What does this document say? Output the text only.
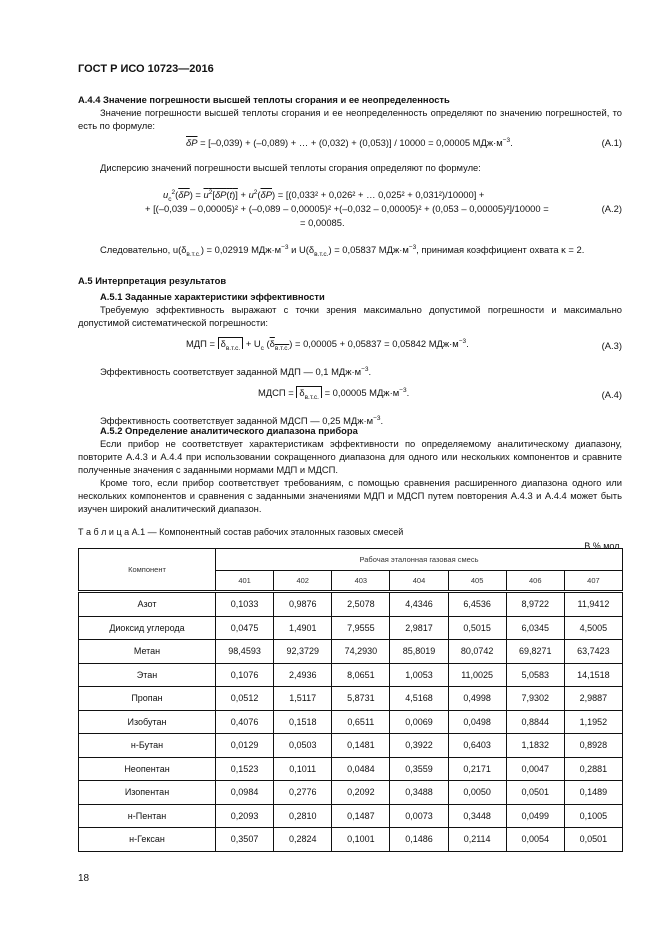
ГОСТ Р ИСО 10723—2016
А.4.4 Значение погрешности высшей теплоты сгорания и ее неопределенность
Значение погрешности высшей теплоты сгорания и ее неопределенность определяют по значению погрешностей, то есть по формуле:
$\overline{\delta P} = [-0,039) + (-0,089)$ + … + (0,032) + (0,053)] / 10000 = 0,00005 $МДж\cdot м^{-3}$.	(А.1)
Дисперсию значений погрешности высшей теплоты сгорания определяют по формуле:
$u_c^2(\overline{\delta P}) = u^2[\delta P(t)] + u^2(\overline{\delta P}) = [(0,033^2 + 0,026^2$ + … 0,025² + 0,031²)/10000] +
+ [(–0,039 – 0,00005)² + (–0,089 – 0,00005)² +(–0,032 – 0,00005)² + (0,053 – 0,00005)²]/10000 =	(А.2)
= 0,00085.
Следовательно, $u(\delta_{в.т.с.}) = 0,02919$ $МДж\cdot м^{-3}$ и $U(\delta_{в.т.с.}) = 0,05837$ $МДж\cdot м^{-3}$, принимая коэффициент охвата κ = 2.
А.5 Интерпретация результатов
А.5.1 Заданные характеристики эффективности
Требуемую эффективность выражают с точки зрения максимально допустимой погрешности и максимально допустимой систематической погрешности:
МДП = $\delta_{в.т.с.} + U_c$ $(\delta_{в.т.с.}) = 0,00005 + 0,05837 = 0,05842$ $МДж\cdot м^{-3}$.	(А.3)
Эффективность соответствует заданной МДП — 0,1 $МДж\cdot м^{-3}$.
МДСП = $\delta_{в.т.с.} = 0,00005$ $МДж\cdot м^{-3}$.	(А.4)
Эффективность соответствует заданной МДСП — 0,25 $МДж\cdot м^{-3}$.
А.5.2 Определение аналитического диапазона прибора
Если прибор не соответствует характеристикам эффективности по определяемому аналитическому диапазону, повторите А.4.3 и А.4.4 при использовании сокращенного диапазона для одного или нескольких компонентов и сравните полученные значения с заданными нормами МДП и МДСП.
Кроме того, если прибор соответствует требованиям, с помощью сравнения расширенного диапазона одного или нескольких компонентов и сравнения с заданными значениями МДП и МДСП путем повторения А.4.3 и А.4.4 может быть изучен широкий аналитический диапазон.
Т а б л и ц а А.1 — Компонентный состав рабочих эталонных газовых смесей
В % мол.
Компонент	Рабочая эталонная газовая смесь						
	401	402	403	404	405	406	407
Азот	0,1033	0,9876	2,5078	4,4346	6,4536	8,9722	11,9412
Диоксид углерода	0,0475	1,4901	7,9555	2,9817	0,5015	6,0345	4,5005
Метан	98,4593	92,3729	74,2930	85,8019	80,0742	69,8271	63,7423
Этан	0,1076	2,4936	8,0651	1,0053	11,0025	5,0583	14,1518
Пропан	0,0512	1,5117	5,8731	4,5168	0,4998	7,9302	2,9887
Изобутан	0,4076	0,1518	0,6511	0,0069	0,0498	0,8844	1,1952
н-Бутан	0,0129	0,0503	0,1481	0,3922	0,6403	1,1832	0,8928
Неопентан	0,1523	0,1011	0,0484	0,3559	0,2171	0,0047	0,2881
Изопентан	0,0984	0,2776	0,2092	0,3488	0,0050	0,0501	0,1489
н-Пентан	0,2093	0,2810	0,1487	0,0073	0,3448	0,0499	0,1005
н-Гексан	0,3507	0,2824	0,1001	0,1486	0,2114	0,0054	0,0501
18
